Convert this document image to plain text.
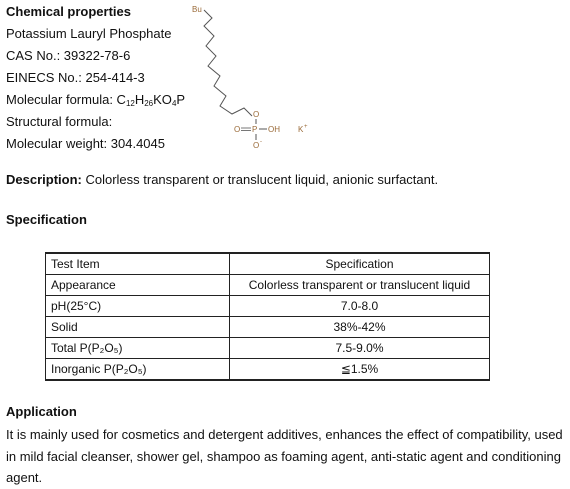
Chemical properties
Potassium Lauryl Phosphate
CAS No.: 39322-78-6
EINECS No.: 254-414-3
Molecular formula: $C_{12}H_{26}KO_4P$
Structural formula:
Molecular weight: 304.4045
Bu
O
O P OH
O -
K +
Description: Colorless transparent or translucent liquid, anionic surfactant.
Specification
Test Item	Specification
Appearance	Colorless transparent or translucent liquid
pH(25°C)	7.0-8.0
Solid	38%-42%
Total P(P₂O₅)	7.5-9.0%
Inorganic P(P₂O₅)	≦1.5%
Application
It is mainly used for cosmetics and detergent additives, enhances the effect of compatibility, used in mild facial cleanser, shower gel, shampoo as foaming agent, anti-static agent and conditioning agent.
